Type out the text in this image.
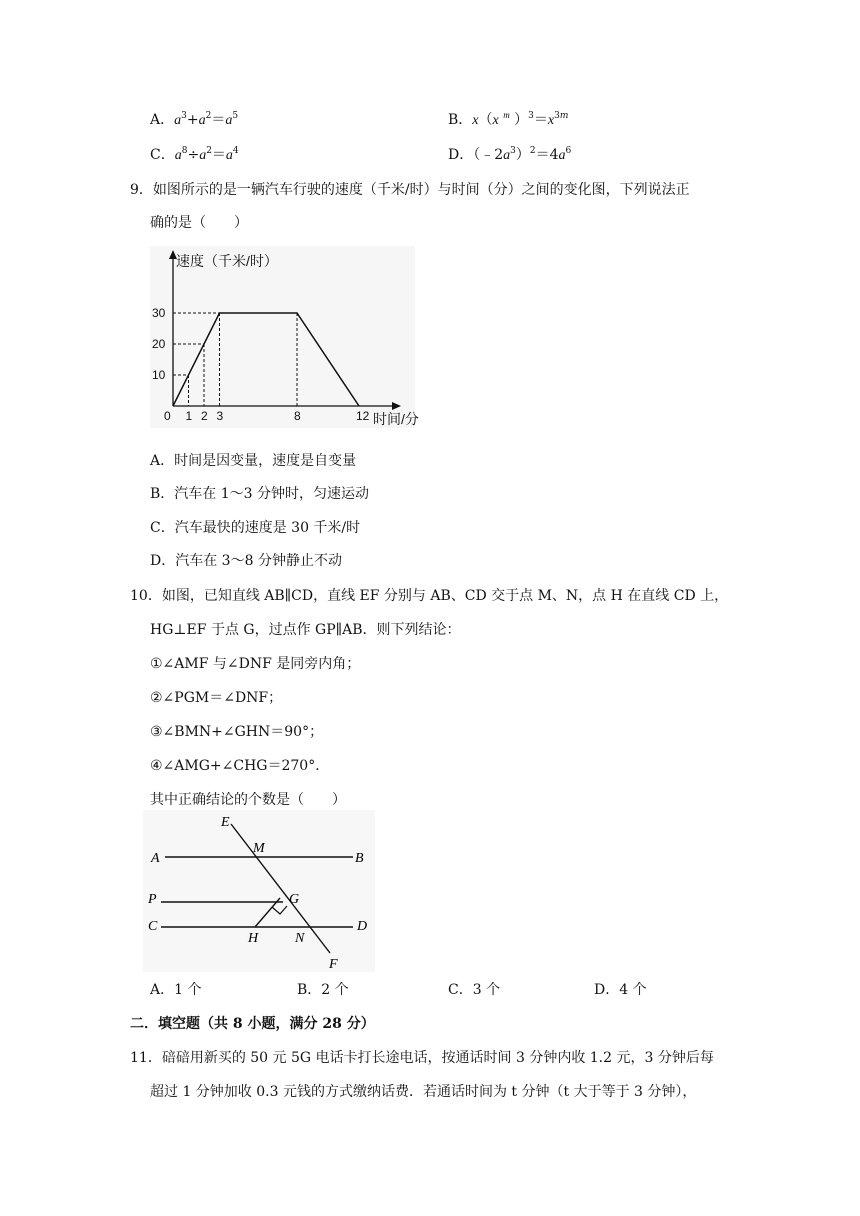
A．$a^3+a^2=a^5$	B．x（x $^m$ ）$^3=x^{3m}$
C．$a^8\div a^2=a^4$	D．$(﹣2a^3)^2=4a^6$
9．如图所示的是一辆汽车行驶的速度（千米/时）与时间（分）之间的变化图，下列说法正
确的是（　　）
0 1 2 3	8	12
10
20
30
速度（千米/时）
时间/分
A．时间是因变量，速度是自变量
B．汽车在 1～3 分钟时，匀速运动
C．汽车最快的速度是 30 千米/时
D．汽车在 3～8 分钟静止不动
10．如图，已知直线 AB∥CD，直线 EF 分别与 AB、CD 交于点 M、N，点 H 在直线 CD 上，
HG⊥EF 于点 G，过点作 GP∥AB．则下列结论：
①∠AMF 与∠DNF 是同旁内角；
②∠PGM＝∠DNF；
③∠BMN+∠GHN＝90°；
④∠AMG+∠CHG＝270°．
其中正确结论的个数是（　　）
E
M
A	B
P	G
C	D
H	N
F
A．1 个	B．2 个	C．3 个	D．4 个
二．填空题（共 8 小题，满分 28 分）
11．碚碚用新买的 50 元 5G 电话卡打长途电话，按通话时间 3 分钟内收 1.2 元，3 分钟后每
超过 1 分钟加收 0.3 元钱的方式缴纳话费．若通话时间为 t 分钟（t 大于等于 3 分钟），
